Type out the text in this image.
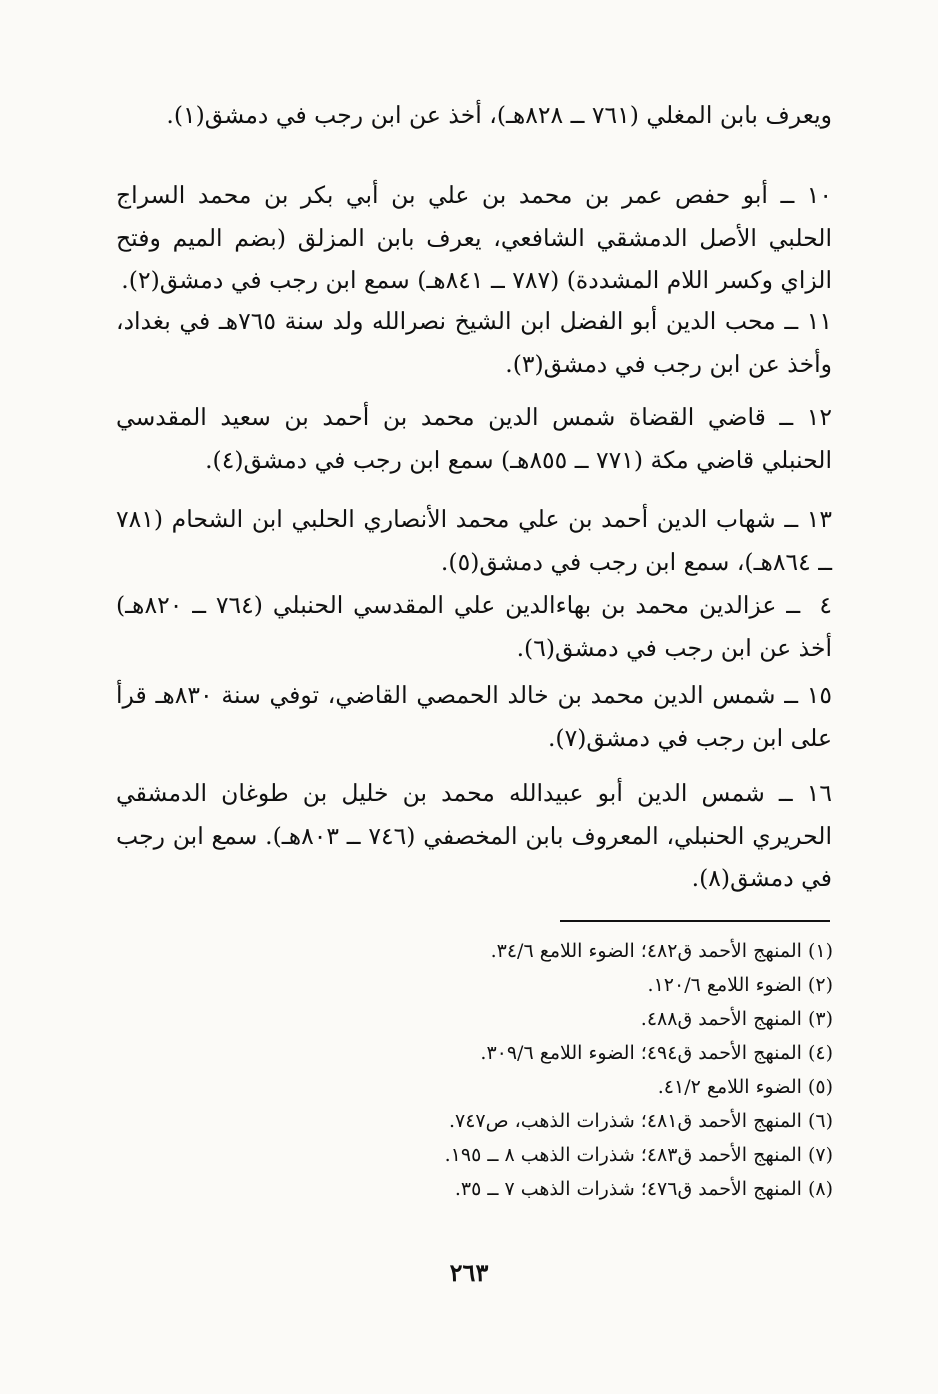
ويعرف بابن المغلي (٧٦١ ــ ٨٢٨هـ)، أخذ عن ابن رجب في دمشق(١).
١٠ ــ أبو حفص عمر بن محمد بن علي بن أبي بكر بن محمد السراج الحلبي الأصل الدمشقي الشافعي، يعرف بابن المزلق (بضم الميم وفتح الزاي وكسر اللام المشددة) (٧٨٧ ــ ٨٤١هـ) سمع ابن رجب في دمشق(٢).
١١ ــ محب الدين أبو الفضل ابن الشيخ نصرالله ولد سنة ٧٦٥هـ في بغداد، وأخذ عن ابن رجب في دمشق(٣).
١٢ ــ قاضي القضاة شمس الدين محمد بن أحمد بن سعيد المقدسي الحنبلي قاضي مكة (٧٧١ ــ ٨٥٥هـ) سمع ابن رجب في دمشق(٤).
١٣ ــ شهاب الدين أحمد بن علي محمد الأنصاري الحلبي ابن الشحام (٧٨١ ــ ٨٦٤هـ)، سمع ابن رجب في دمشق(٥).
٤ ــ عزالدين محمد بن بهاءالدين علي المقدسي الحنبلي (٧٦٤ ــ ٨٢٠هـ) أخذ عن ابن رجب في دمشق(٦).
١٥ ــ شمس الدين محمد بن خالد الحمصي القاضي، توفي سنة ٨٣٠هـ قرأ على ابن رجب في دمشق(٧).
١٦ ــ شمس الدين أبو عبيدالله محمد بن خليل بن طوغان الدمشقي الحريري الحنبلي، المعروف بابن المخصفي (٧٤٦ ــ ٨٠٣هـ). سمع ابن رجب في دمشق(٨).
(١) المنهج الأحمد ق٤٨٢؛ الضوء اللامع ٣٤/٦.
(٢) الضوء اللامع ١٢٠/٦.
(٣) المنهج الأحمد ق٤٨٨.
(٤) المنهج الأحمد ق٤٩٤؛ الضوء اللامع ٣٠٩/٦.
(٥) الضوء اللامع ٤١/٢.
(٦) المنهج الأحمد ق٤٨١؛ شذرات الذهب، ص٧٤٧.
(٧) المنهج الأحمد ق٤٨٣؛ شذرات الذهب ٨ ــ ١٩٥.
(٨) المنهج الأحمد ق٤٧٦؛ شذرات الذهب ٧ ــ ٣٥.
٢٦٣
